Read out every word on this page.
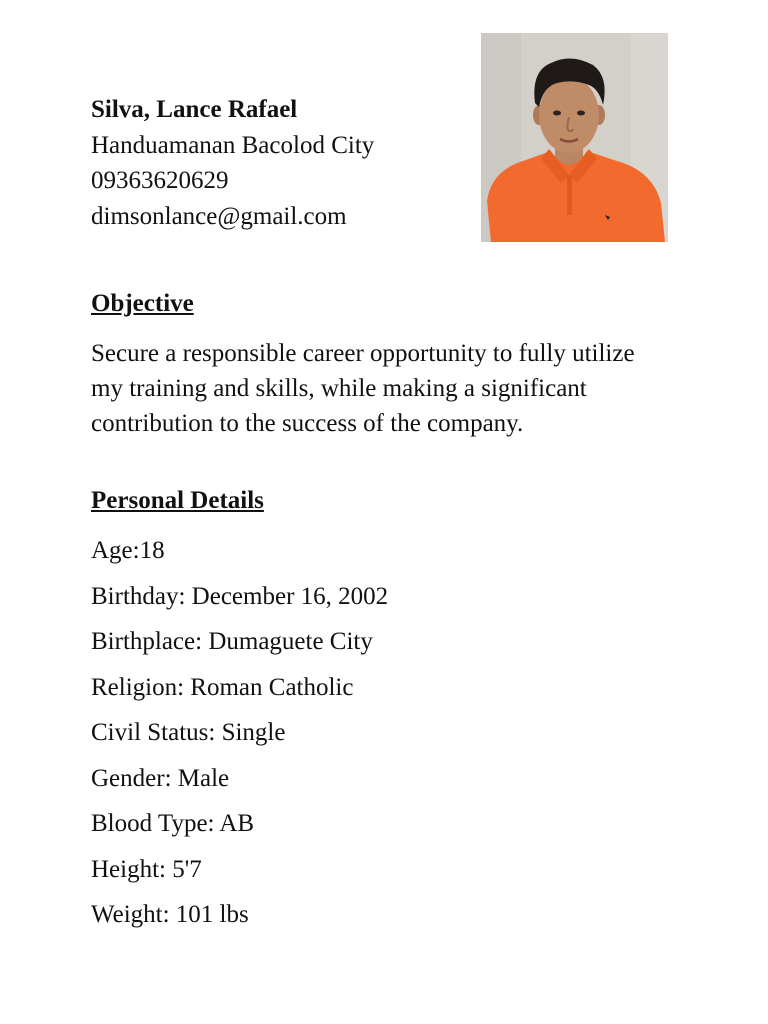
Silva, Lance Rafael
Handuamanan Bacolod City
09363620629
dimsonlance@gmail.com
Objective

Secure a responsible career opportunity to fully utilize my training and skills, while making a significant contribution to the success of the company.

Personal Details
Age:18
Birthday: December 16, 2002
Birthplace: Dumaguete City
Religion: Roman Catholic
Civil Status: Single
Gender: Male
Blood Type: AB
Height: 5'7
Weight: 101 lbs
